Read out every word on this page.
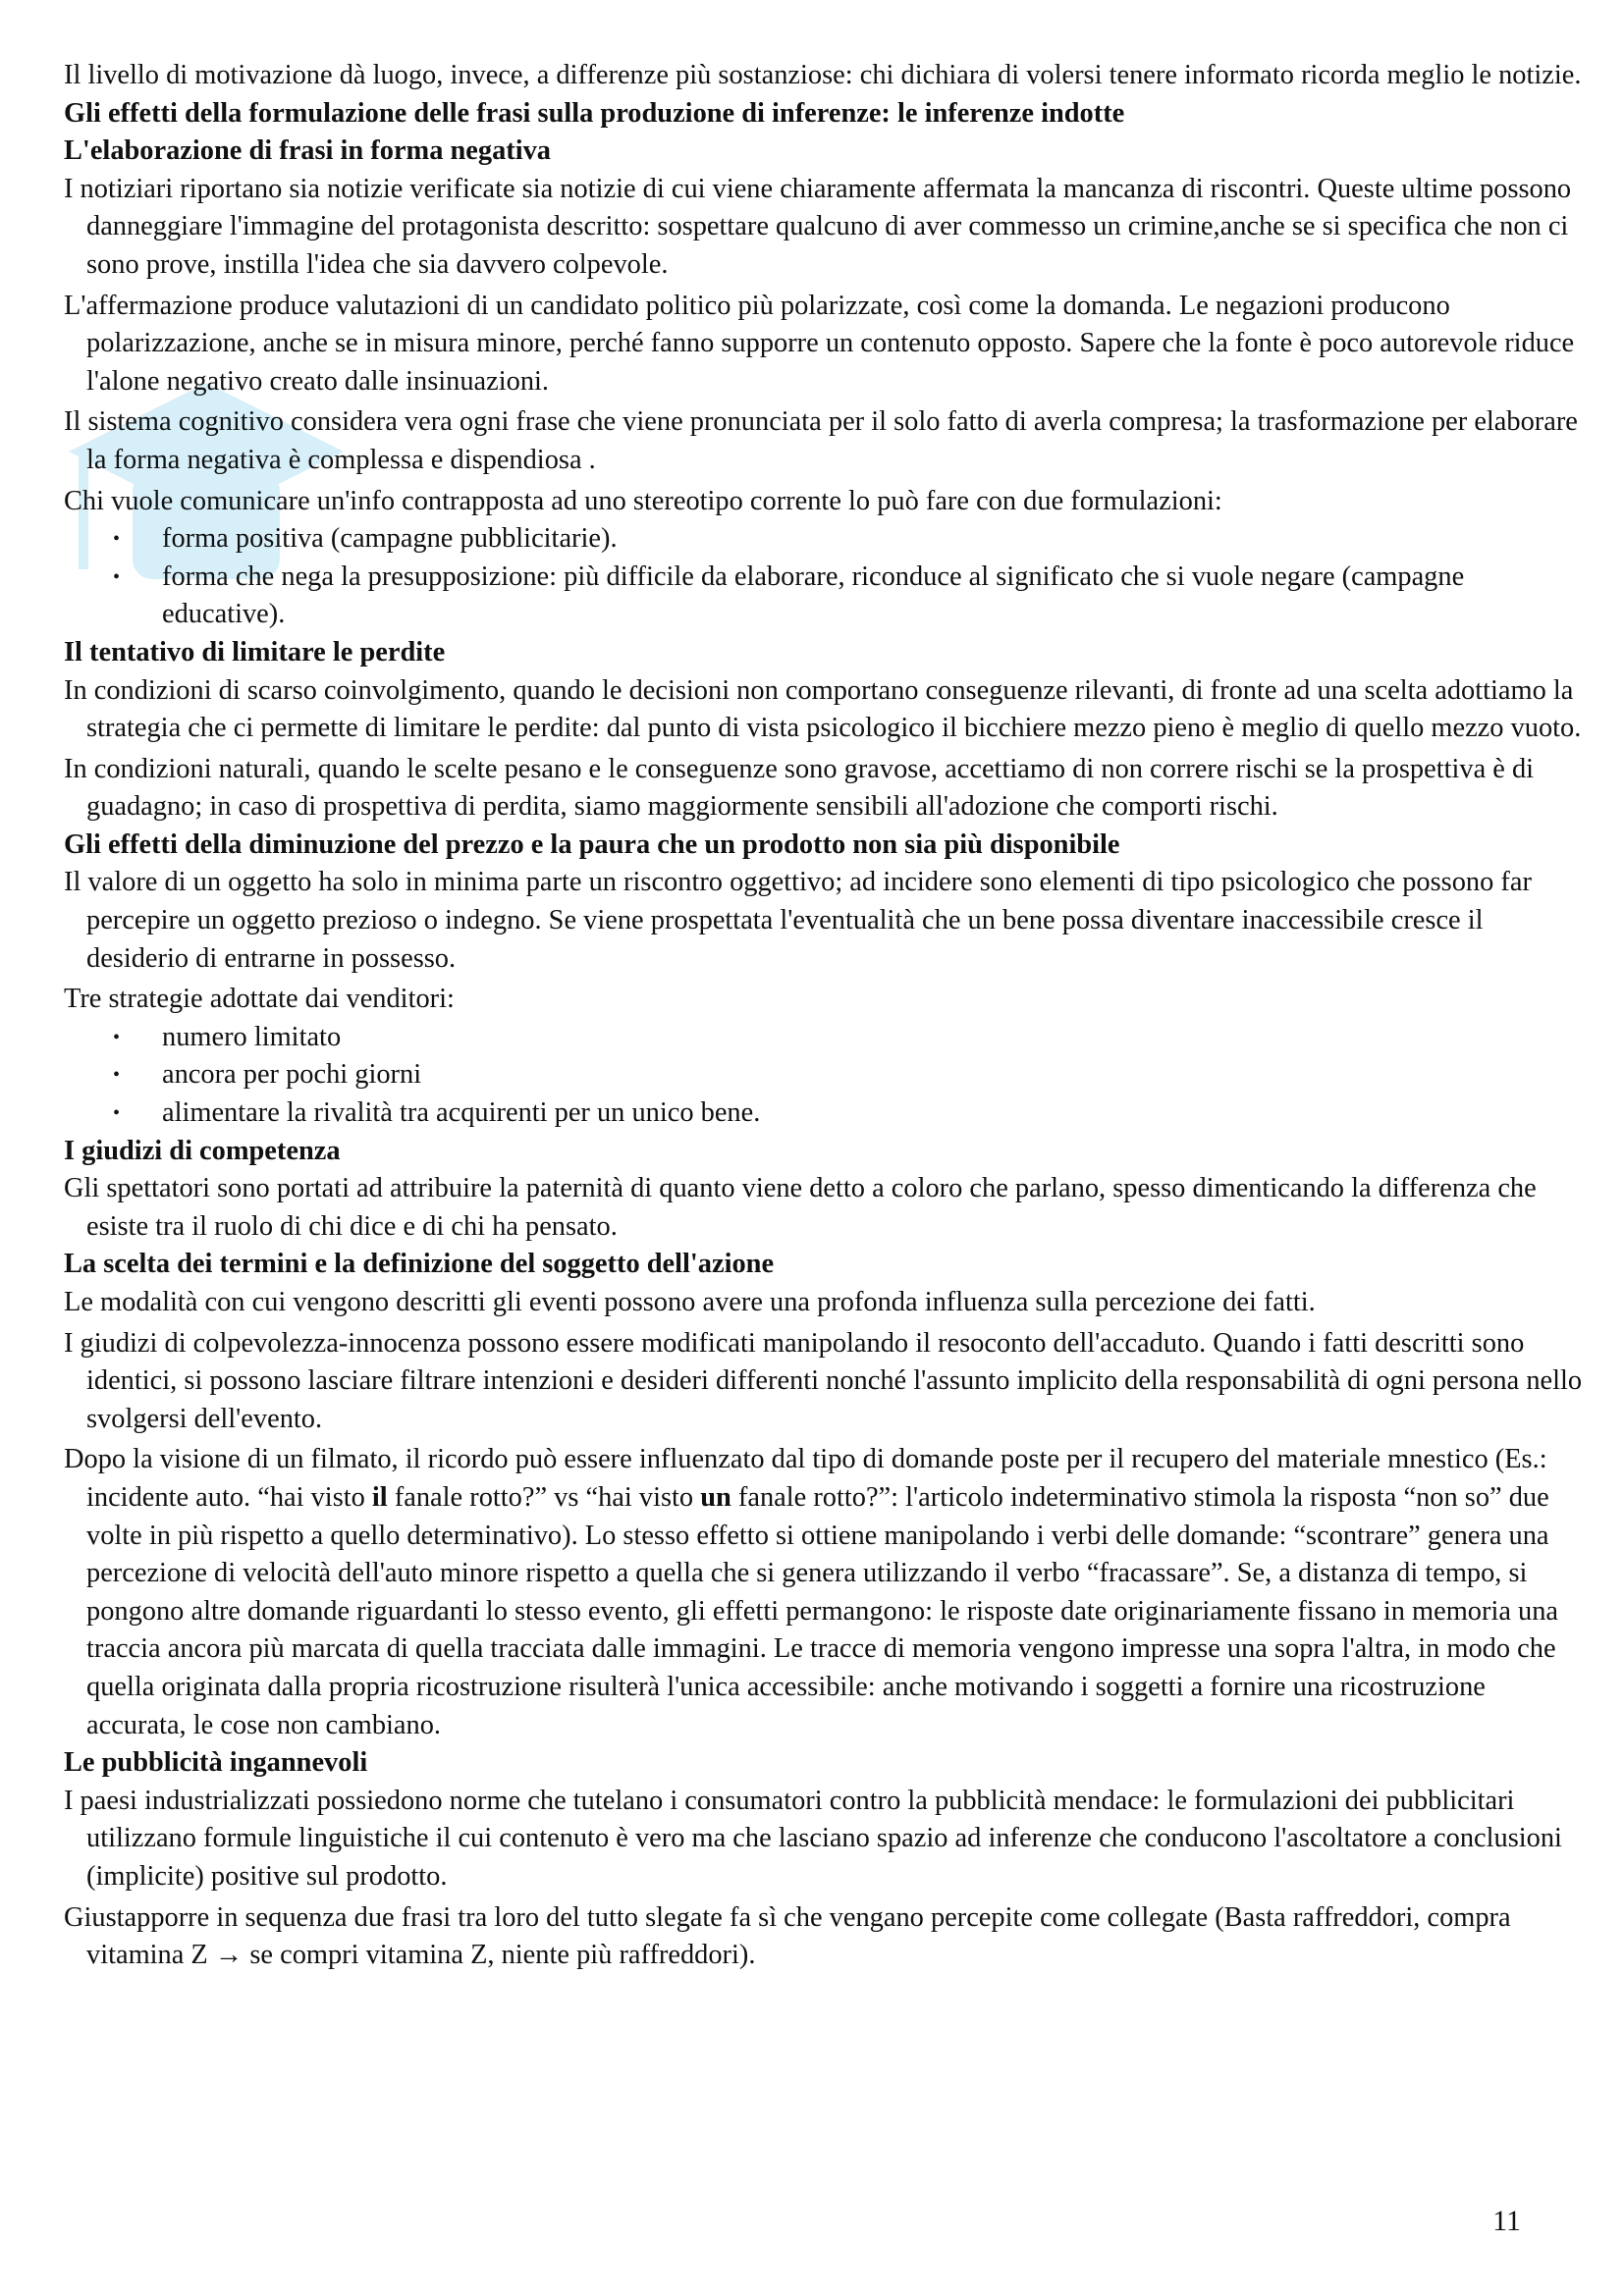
Il livello di motivazione dà luogo, invece, a differenze più sostanziose: chi dichiara di volersi tenere informato ricorda meglio le notizie.

Gli effetti della formulazione delle frasi sulla produzione di inferenze: le inferenze indotte
L'elaborazione di frasi in forma negativa

I notiziari riportano sia notizie verificate sia notizie di cui viene chiaramente affermata la mancanza di riscontri. Queste ultime possono danneggiare l'immagine del protagonista descritto: sospettare qualcuno di aver commesso un crimine,anche se si specifica che non ci sono prove, instilla l'idea che sia davvero colpevole.

L'affermazione produce valutazioni di un candidato politico più polarizzate, così come la domanda. Le negazioni producono polarizzazione, anche se in misura minore, perché fanno supporre un contenuto opposto. Sapere che la fonte è poco autorevole riduce l'alone negativo creato dalle insinuazioni.

Il sistema cognitivo considera vera ogni frase che viene pronunciata per il solo fatto di averla compresa; la trasformazione per elaborare la forma negativa è complessa e dispendiosa .

Chi vuole comunicare un'info contrapposta ad uno stereotipo corrente lo può fare con due formulazioni:

• forma positiva (campagne pubblicitarie).
• forma che nega la presupposizione: più difficile da elaborare, riconduce al significato che si vuole negare (campagne educative).
Il tentativo di limitare le perdite

In condizioni di scarso coinvolgimento, quando le decisioni non comportano conseguenze rilevanti, di fronte ad una scelta adottiamo la strategia che ci permette di limitare le perdite: dal punto di vista psicologico il bicchiere mezzo pieno è meglio di quello mezzo vuoto.

In condizioni naturali, quando le scelte pesano e le conseguenze sono gravose, accettiamo di non correre rischi se la prospettiva è di guadagno; in caso di prospettiva di perdita, siamo maggiormente sensibili all'adozione che comporti rischi.

Gli effetti della diminuzione del prezzo e la paura che un prodotto non sia più disponibile

Il valore di un oggetto ha solo in minima parte un riscontro oggettivo; ad incidere sono elementi di tipo psicologico che possono far percepire un oggetto prezioso o indegno. Se viene prospettata l'eventualità che un bene possa diventare inaccessibile cresce il desiderio di entrarne in possesso.

Tre strategie adottate dai venditori:

• numero limitato
• ancora per pochi giorni
• alimentare la rivalità tra acquirenti per un unico bene.
I giudizi di competenza

Gli spettatori sono portati ad attribuire la paternità di quanto viene detto a coloro che parlano, spesso dimenticando la differenza che esiste tra il ruolo di chi dice e di chi ha pensato.

La scelta dei termini e la definizione del soggetto dell'azione

Le modalità con cui vengono descritti gli eventi possono avere una profonda influenza sulla percezione dei fatti.

I giudizi di colpevolezza-innocenza possono essere modificati manipolando il resoconto dell'accaduto. Quando i fatti descritti sono identici, si possono lasciare filtrare intenzioni e desideri differenti nonché l'assunto implicito della responsabilità di ogni persona nello svolgersi dell'evento.

Dopo la visione di un filmato, il ricordo può essere influenzato dal tipo di domande poste per il recupero del materiale mnestico (Es.: incidente auto. “hai visto il fanale rotto?” vs “hai visto un fanale rotto?”: l'articolo indeterminativo stimola la risposta “non so” due volte in più rispetto a quello determinativo). Lo stesso effetto si ottiene manipolando i verbi delle domande: “scontrare” genera una percezione di velocità dell'auto minore rispetto a quella che si genera utilizzando il verbo “fracassare”. Se, a distanza di tempo, si pongono altre domande riguardanti lo stesso evento, gli effetti permangono: le risposte date originariamente fissano in memoria una traccia ancora più marcata di quella tracciata dalle immagini. Le tracce di memoria vengono impresse una sopra l'altra, in modo che quella originata dalla propria ricostruzione risulterà l'unica accessibile: anche motivando i soggetti a fornire una ricostruzione accurata, le cose non cambiano.

Le pubblicità ingannevoli

I paesi industrializzati possiedono norme che tutelano i consumatori contro la pubblicità mendace: le formulazioni dei pubblicitari utilizzano formule linguistiche il cui contenuto è vero ma che lasciano spazio ad inferenze che conducono l'ascoltatore a conclusioni (implicite) positive sul prodotto.

Giustapporre in sequenza due frasi tra loro del tutto slegate fa sì che vengano percepite come collegate (Basta raffreddori, compra vitamina Z → se compri vitamina Z, niente più raffreddori).

11
